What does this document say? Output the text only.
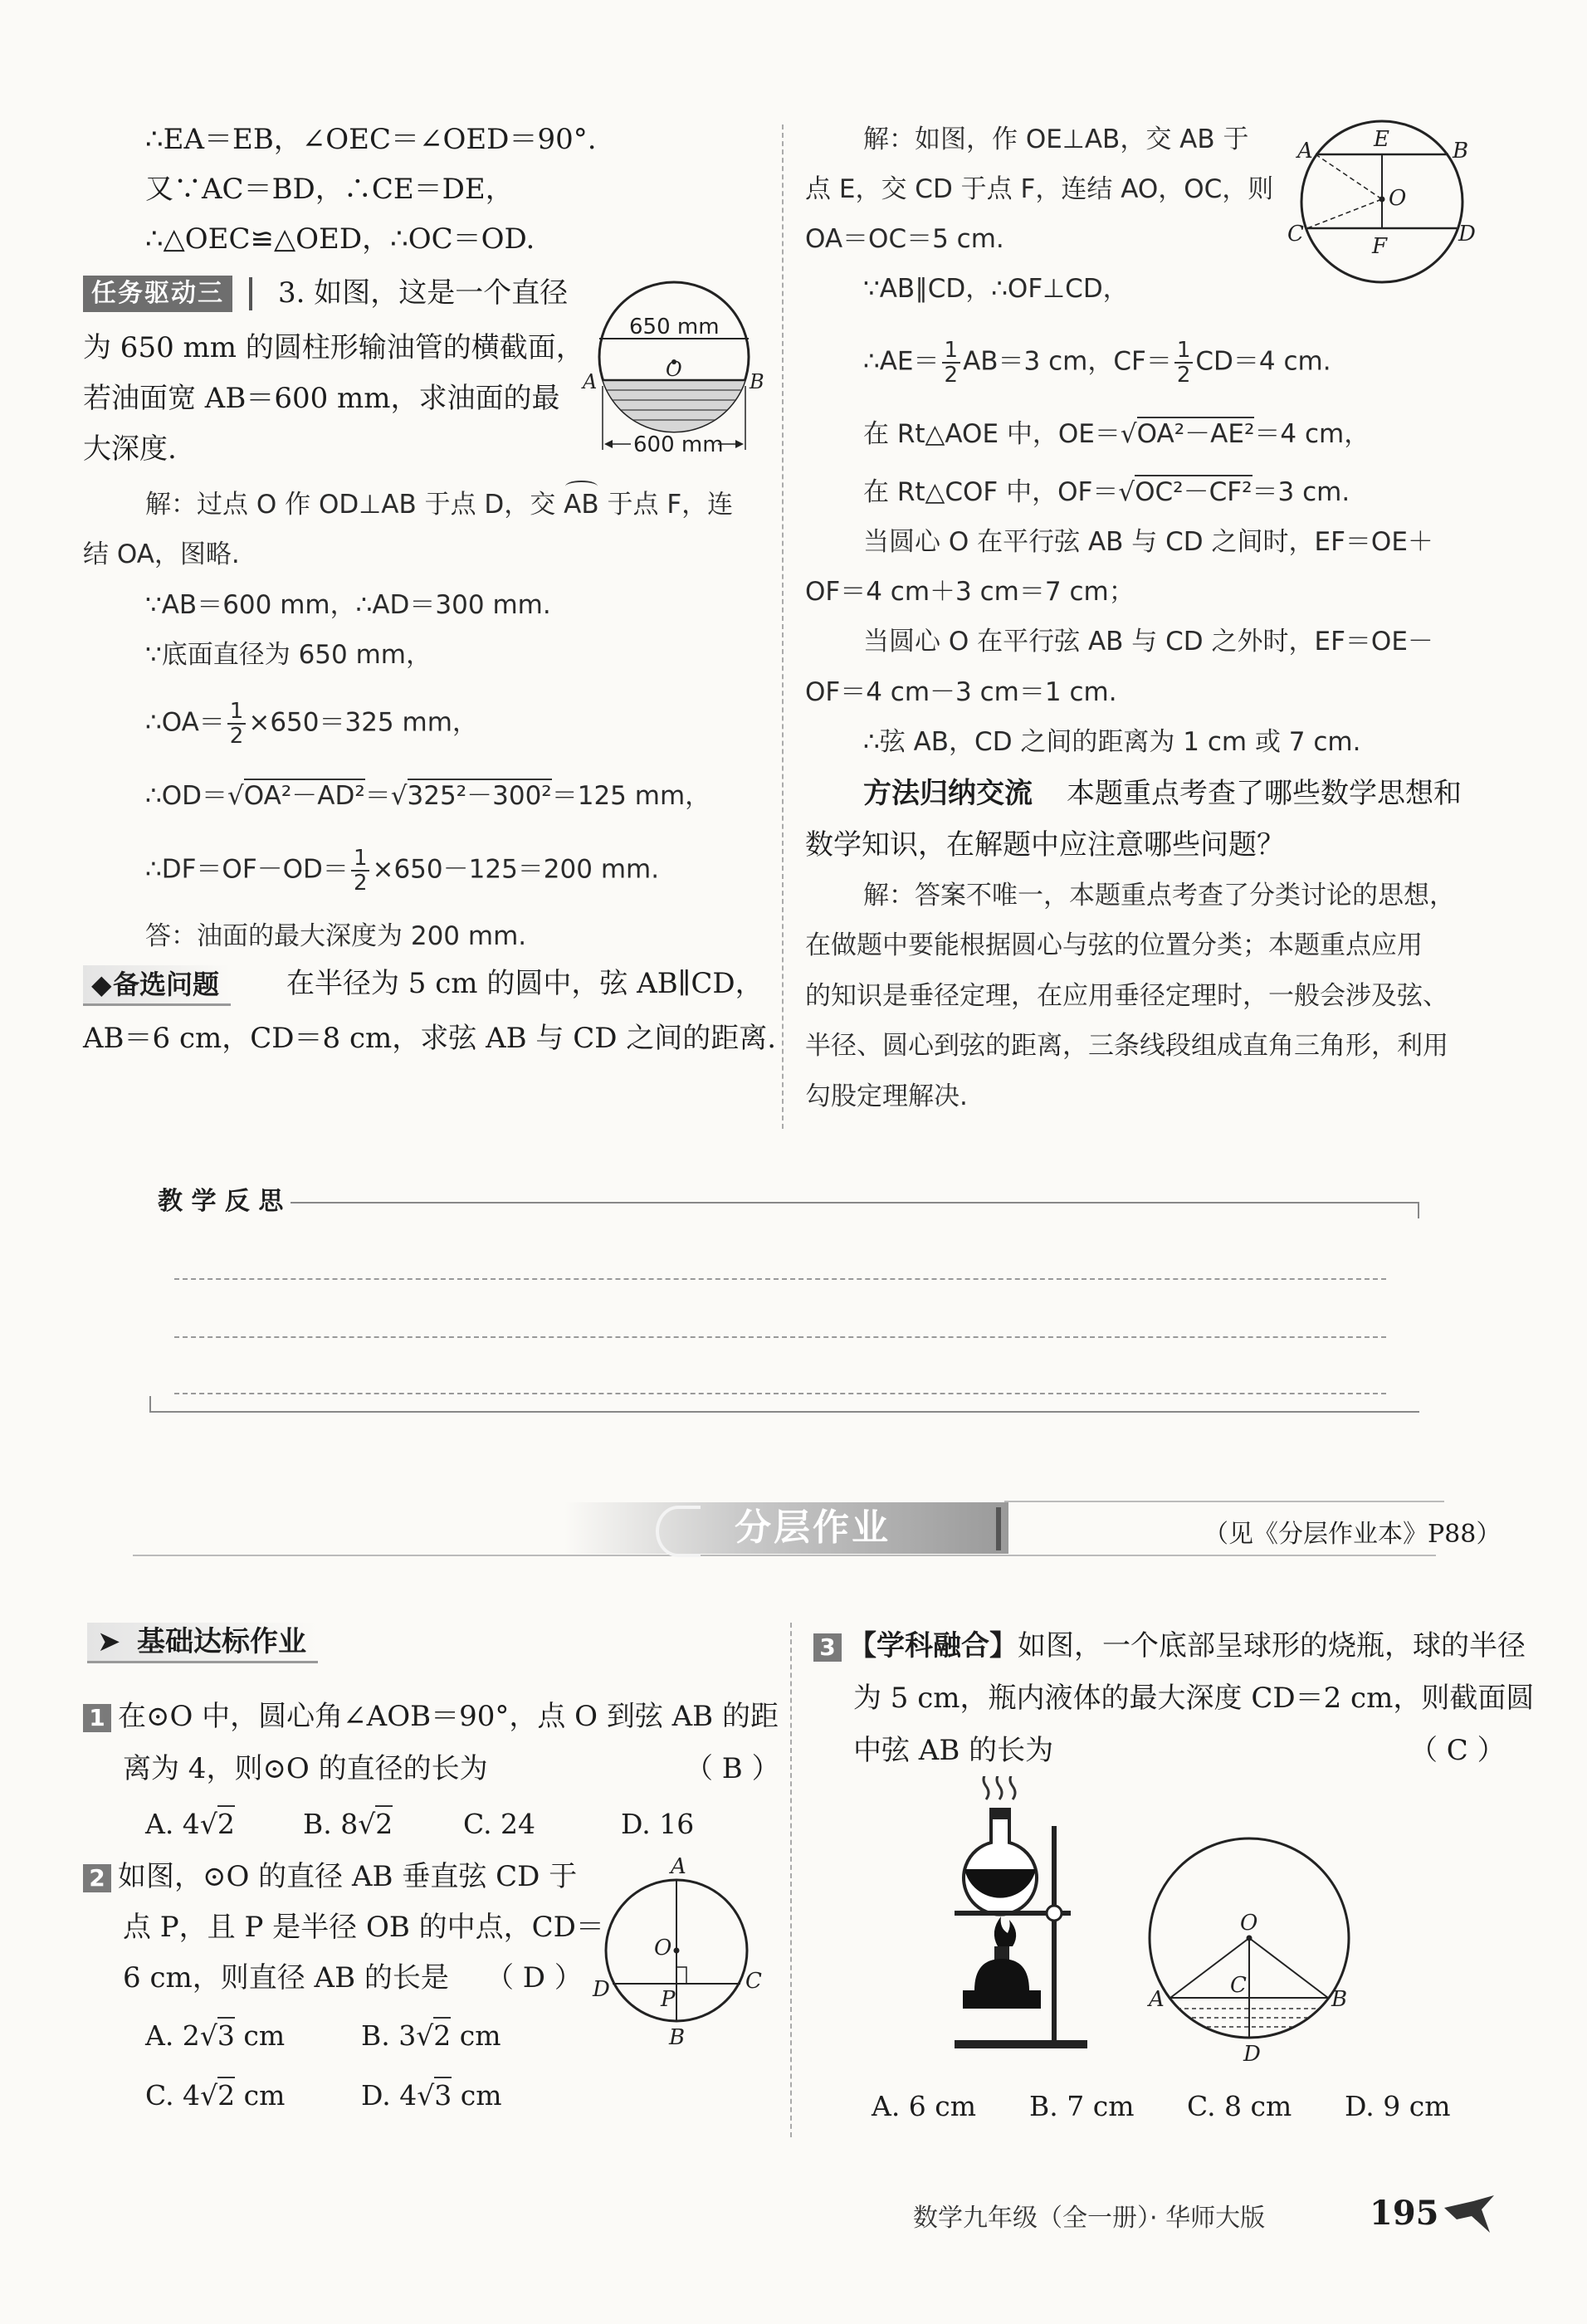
∴EA＝EB，∠OEC＝∠OED＝90°.
又∵AC＝BD，∴CE＝DE，
∴△OEC≌△OED，∴OC＝OD.
任务驱动三 3. 如图，这是一个直径
为 650 mm 的圆柱形输油管的横截面，
若油面宽 AB＝600 mm，求油面的最
大深度.
650 mm
O
A	B
600 mm
解：过点 O 作 OD⊥AB 于点 D，交 AB 于点 F，连
结 OA，图略.
∵AB＝600 mm，∴AD＝300 mm.
∵底面直径为 650 mm，
∴OA＝ $\frac{1}{2} \times 650=325$ mm，
∴OD＝√OA²－AD²＝√325²－300²＝125 mm，
∴DF＝OF－OD＝ $\frac{1}{2} \times 650-125=200$ mm.
答：油面的最大深度为 200 mm.
◆ 备选问题	在半径为 5 cm 的圆中，弦 AB∥CD，
AB＝6 cm，CD＝8 cm，求弦 AB 与 CD 之间的距离.
解：如图，作 OE⊥AB，交 AB 于
点 E，交 CD 于点 F，连结 AO，OC，则
OA＝OC＝5 cm.
A	E	B
O
C	F	D
∵AB∥CD，∴OF⊥CD，
∴AE＝ $\frac{1}{2} AB=3$ cm，$CF= \frac{1}{2} CD=4$ cm.
在 Rt△AOE 中，OE＝√OA²－AE²＝4 cm，
在 Rt△COF 中，OF＝√OC²－CF²＝3 cm.
当圆心 O 在平行弦 AB 与 CD 之间时，EF＝OE＋
OF＝4 cm＋3 cm＝7 cm；
当圆心 O 在平行弦 AB 与 CD 之外时，EF＝OE－
OF＝4 cm－3 cm＝1 cm.
∴弦 AB，CD 之间的距离为 1 cm 或 7 cm.
方法归纳交流 本题重点考查了哪些数学思想和
数学知识，在解题中应注意哪些问题？
解：答案不唯一，本题重点考查了分类讨论的思想，
在做题中要能根据圆心与弦的位置分类；本题重点应用
的知识是垂径定理，在应用垂径定理时，一般会涉及弦、
半径、圆心到弦的距离，三条线段组成直角三角形，利用
勾股定理解决.
教 学 反 思
分层作业	（见《分层作业本》P88）
➤ 基础达标作业
1 在⊙O 中，圆心角∠AOB＝90°，点 O 到弦 AB 的距
离为 4，则⊙O 的直径的长为	（ B ）
A. 4√2 B. 8√2	C. 24	D. 16
2 如图，⊙O 的直径 AB 垂直弦 CD 于
点 P，且 P 是半径 OB 的中点，CD＝
6 cm，则直径 AB 的长是 （ D ）
A. 2√3 cm	B. 3√2 cm
C. 4√2 cm	D. 4√3 cm
A
O
C
D P
B
3 【学科融合】如图，一个底部呈球形的烧瓶，球的半径
为 5 cm，瓶内液体的最大深度 CD＝2 cm，则截面圆
中弦 AB 的长为	（ C ）
O
C
A	B
D
A. 6 cm B. 7 cm C. 8 cm D. 9 cm
数学九年级（全一册）· 华师大版	195
